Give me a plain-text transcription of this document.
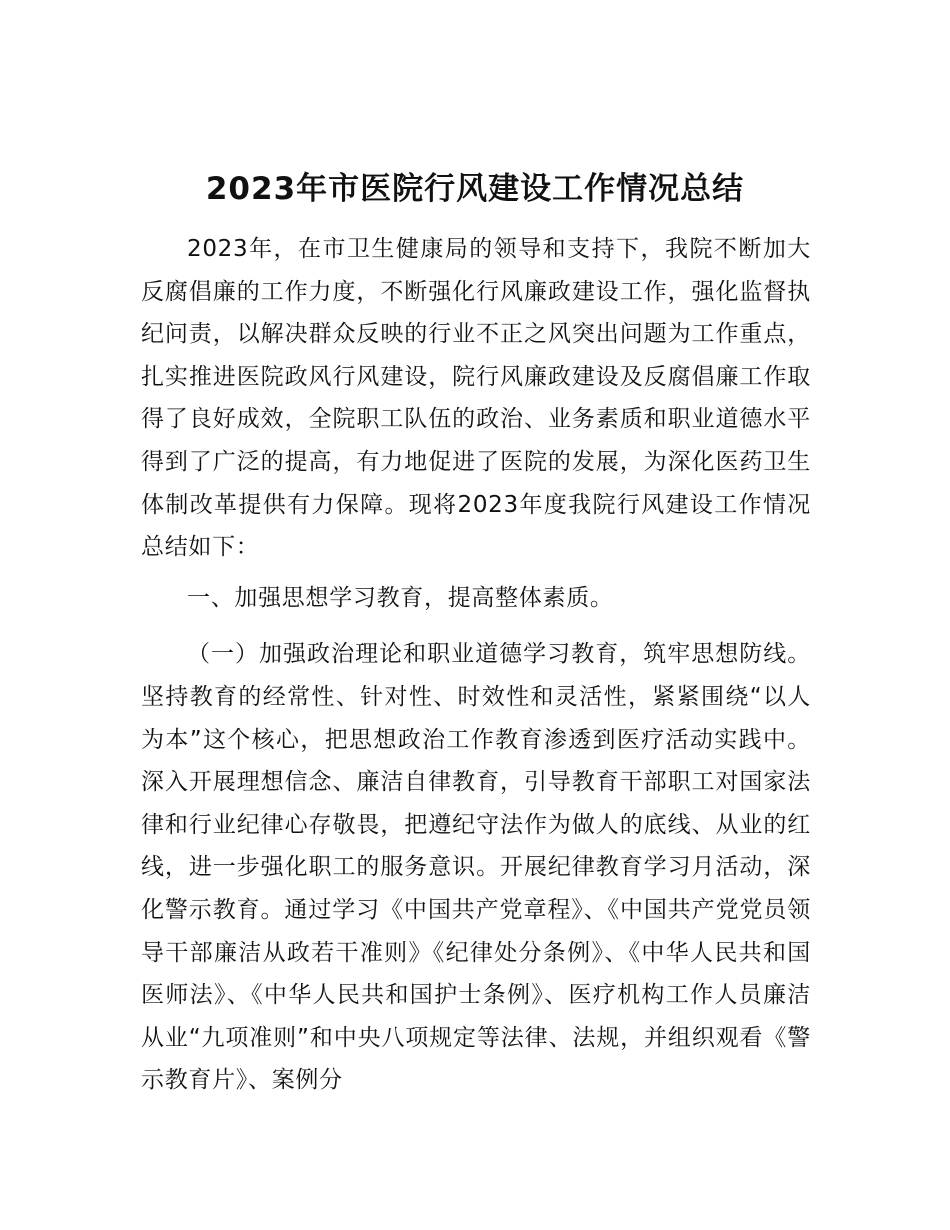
2023年市医院行风建设工作情况总结

2023年，在市卫生健康局的领导和支持下，我院不断加大反腐倡廉的工作力度，不断强化行风廉政建设工作，强化监督执纪问责，以解决群众反映的行业不正之风突出问题为工作重点，扎实推进医院政风行风建设，院行风廉政建设及反腐倡廉工作取得了良好成效，全院职工队伍的政治、业务素质和职业道德水平得到了广泛的提高，有力地促进了医院的发展，为深化医药卫生体制改革提供有力保障。现将2023年度我院行风建设工作情况总结如下：

一、加强思想学习教育，提高整体素质。

（一）加强政治理论和职业道德学习教育，筑牢思想防线。坚持教育的经常性、针对性、时效性和灵活性，紧紧围绕“以人为本”这个核心，把思想政治工作教育渗透到医疗活动实践中。深入开展理想信念、廉洁自律教育，引导教育干部职工对国家法律和行业纪律心存敬畏，把遵纪守法作为做人的底线、从业的红线，进一步强化职工的服务意识。开展纪律教育学习月活动，深化警示教育。通过学习《中国共产党章程》、《中国共产党党员领导干部廉洁从政若干准则》《纪律处分条例》、《中华人民共和国医师法》、《中华人民共和国护士条例》、医疗机构工作人员廉洁从业“九项准则”和中央八项规定等法律、法规，并组织观看《警示教育片》、案例分
